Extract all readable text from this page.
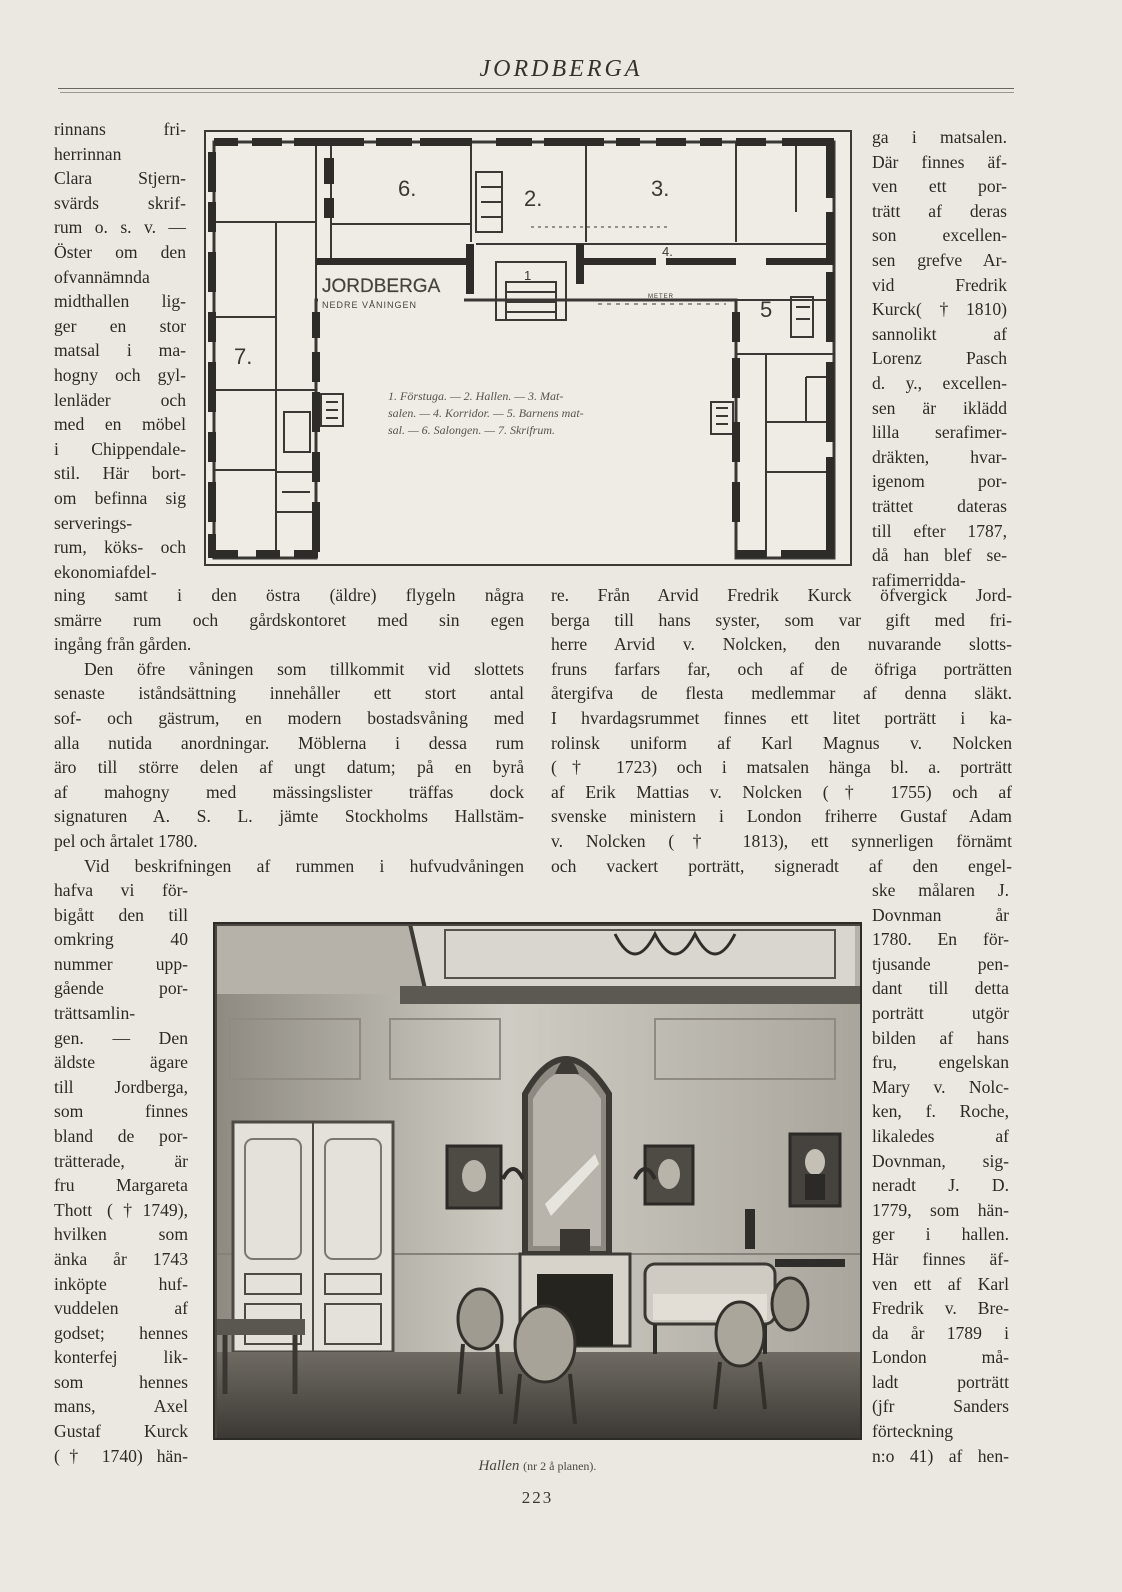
JORDBERGA
rinnans fri-
herrinnan
Clara Stjern-
svärds skrif-
rum o. s. v. —
Öster om den
ofvannämnda
midthallen lig-
ger en stor
matsal i ma-
hogny och gyl-
lenläder och
med en möbel
i Chippendale-
stil. Här bort-
om befinna sig
serverings-
rum, köks- och
ekonomiafdel-
ga i matsalen.
Där finnes äf-
ven ett por-
trätt af deras
son excellen-
sen grefve Ar-
vid Fredrik
Kurck(†1810)
sannolikt af
Lorenz Pasch
d. y., excellen-
sen är iklädd
lilla serafimer-
dräkten, hvar-
igenom por-
trättet dateras
till efter 1787,
då han blef se-
rafimerridda-
ning samt i den östra (äldre) flygeln några
smärre rum och gårdskontoret med sin egen
ingång från gården.
Den öfre våningen som tillkommit vid slottets
senaste iståndsättning innehåller ett stort antal
sof- och gästrum, en modern bostadsvåning med
alla nutida anordningar. Möblerna i dessa rum
äro till större delen af ungt datum; på en byrå
af mahogny med mässingslister träffas dock
signaturen A. S. L. jämte Stockholms Hallstäm-
pel och årtalet 1780.
Vid beskrifningen af rummen i hufvudvåningen
re. Från Arvid Fredrik Kurck öfvergick Jord-
berga till hans syster, som var gift med fri-
herre Arvid v. Nolcken, den nuvarande slotts-
fruns farfars far, och af de öfriga porträtten
återgifva de flesta medlemmar af denna släkt.
I hvardagsrummet finnes ett litet porträtt i ka-
rolinsk uniform af Karl Magnus v. Nolcken
(† 1723) och i matsalen hänga bl. a. porträtt
af Erik Mattias v. Nolcken († 1755) och af
svenske ministern i London friherre Gustaf Adam
v. Nolcken († 1813), ett synnerligen förnämt
och vackert porträtt, signeradt af den engel-
hafva vi för-
bigått den till
omkring 40
nummer upp-
gående por-
trättsamlin-
gen. — Den
äldste ägare
till Jordberga,
som finnes
bland de por-
trätterade, är
fru Margareta
Thott (†1749),
hvilken som
änka år 1743
inköpte huf-
vuddelen af
godset; hennes
konterfej lik-
som hennes
mans, Axel
Gustaf Kurck
(† 1740) hän-
ske målaren J.
Dovnman år
1780. En för-
tjusande pen-
dant till detta
porträtt utgör
bilden af hans
fru, engelskan
Mary v. Nolc-
ken, f. Roche,
likaledes af
Dovnman, sig-
neradt J. D.
1779, som hän-
ger i hallen.
Här finnes äf-
ven ett af Karl
Fredrik v. Bre-
da år 1789 i
London må-
ladt porträtt
(jfr Sanders
förteckning
n:o 41) af hen-
6.	2.	3.
5
7.
1
4.
METER
JORDBERGA
NEDRE VÅNINGEN
1. Förstuga. — 2. Hallen. — 3. Mat-
salen. — 4. Korridor. — 5. Barnens mat-
sal. — 6. Salongen. — 7. Skrifrum.
Hallen (nr 2 å planen).
223
